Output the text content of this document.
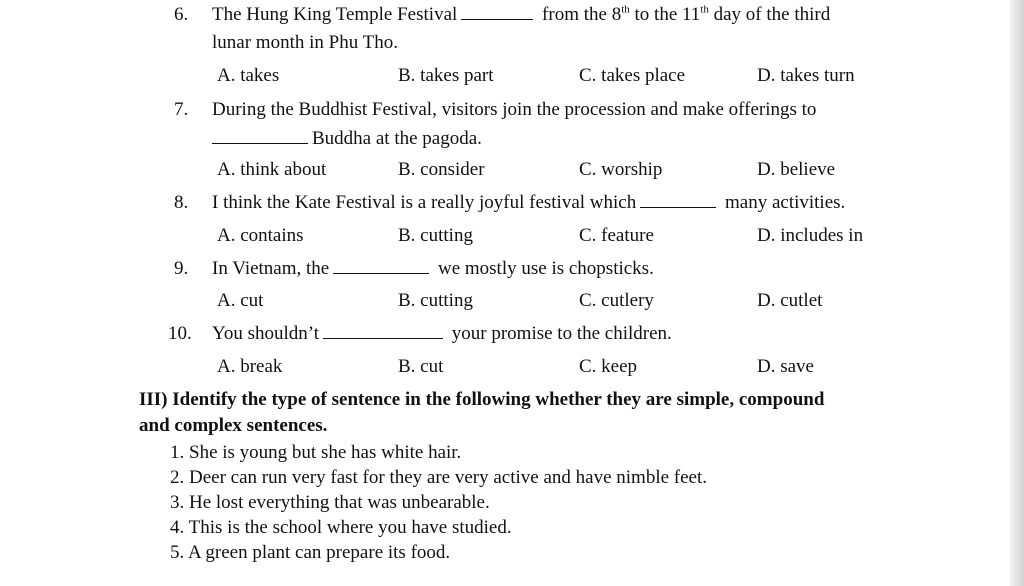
6. The Hung King Temple Festival	from the 8th to the 11th day of the third
lunar month in Phu Tho.
A. takes	B. takes part	C. takes place	D. takes turn
7. During the Buddhist Festival, visitors join the procession and make offerings to
Buddha at the pagoda.
A. think about	B. consider	C. worship	D. believe
8. I think the Kate Festival is a really joyful festival which	many activities.
A. contains	B. cutting	C. feature	D. includes in
9. In Vietnam, the	we mostly use is chopsticks.
A. cut	B. cutting	C. cutlery	D. cutlet
10. You shouldn’t	your promise to the children.
A. break	B. cut	C. keep	D. save
III) Identify the type of sentence in the following whether they are simple, compound
and complex sentences.
1. She is young but she has white hair.
2. Deer can run very fast for they are very active and have nimble feet.
3. He lost everything that was unbearable.
4. This is the school where you have studied.
5. A green plant can prepare its food.
